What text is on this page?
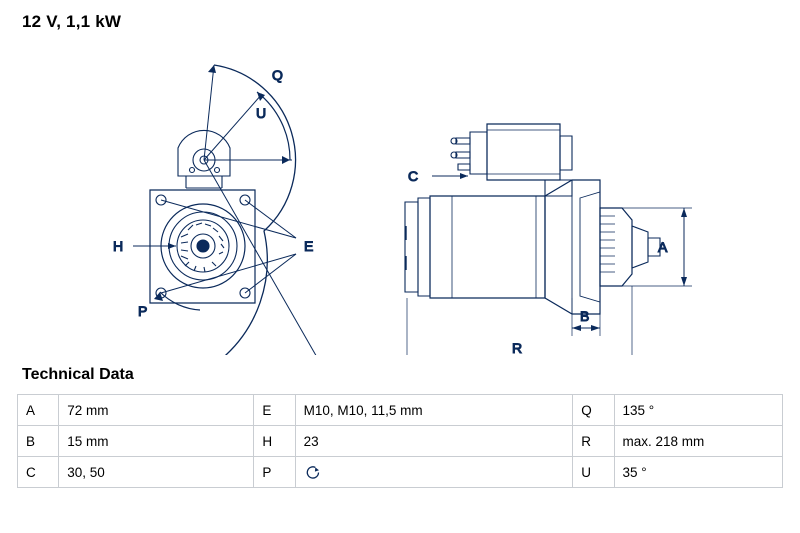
12 V, 1,1 kW
H	E
P
U
Q
C
A
B
R
Technical Data
A	72 mm	E	M10, M10, 11,5 mm	Q	135 °
B	15 mm	H	23	R	max. 218 mm
C	30, 50	P		U	35 °
